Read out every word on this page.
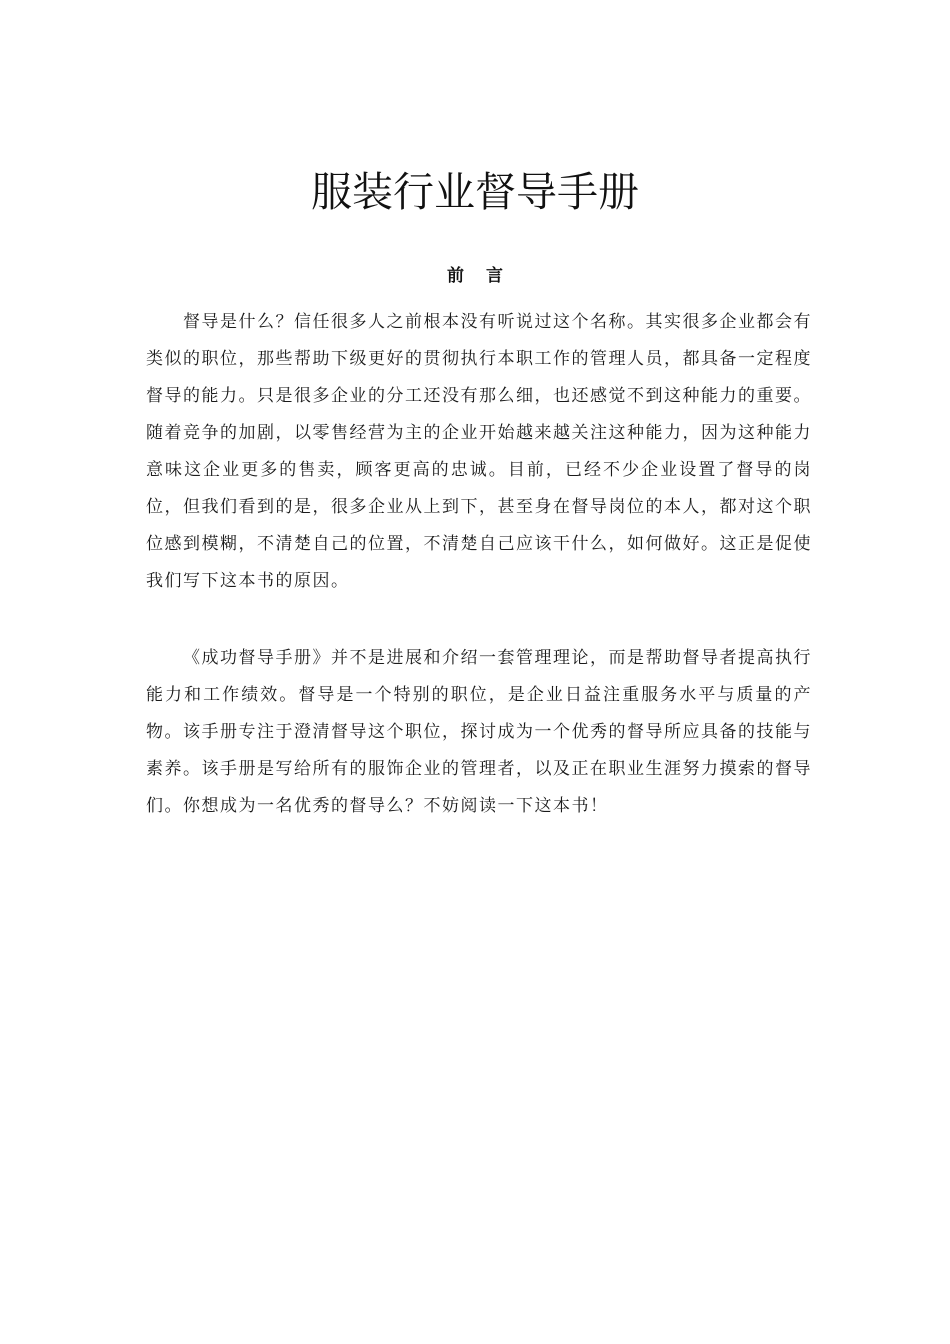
服装行业督导手册
前言

督导是什么？信任很多人之前根本没有听说过这个名称。其实很多企业都会有类似的职位，那些帮助下级更好的贯彻执行本职工作的管理人员，都具备一定程度督导的能力。只是很多企业的分工还没有那么细，也还感觉不到这种能力的重要。随着竞争的加剧，以零售经营为主的企业开始越来越关注这种能力，因为这种能力意味这企业更多的售卖，顾客更高的忠诚。目前，已经不少企业设置了督导的岗位，但我们看到的是，很多企业从上到下，甚至身在督导岗位的本人，都对这个职位感到模糊，不清楚自己的位置，不清楚自己应该干什么，如何做好。这正是促使我们写下这本书的原因。

《成功督导手册》并不是进展和介绍一套管理理论，而是帮助督导者提高执行能力和工作绩效。督导是一个特别的职位，是企业日益注重服务水平与质量的产物。该手册专注于澄清督导这个职位，探讨成为一个优秀的督导所应具备的技能与素养。该手册是写给所有的服饰企业的管理者，以及正在职业生涯努力摸索的督导们。你想成为一名优秀的督导么？不妨阅读一下这本书！
